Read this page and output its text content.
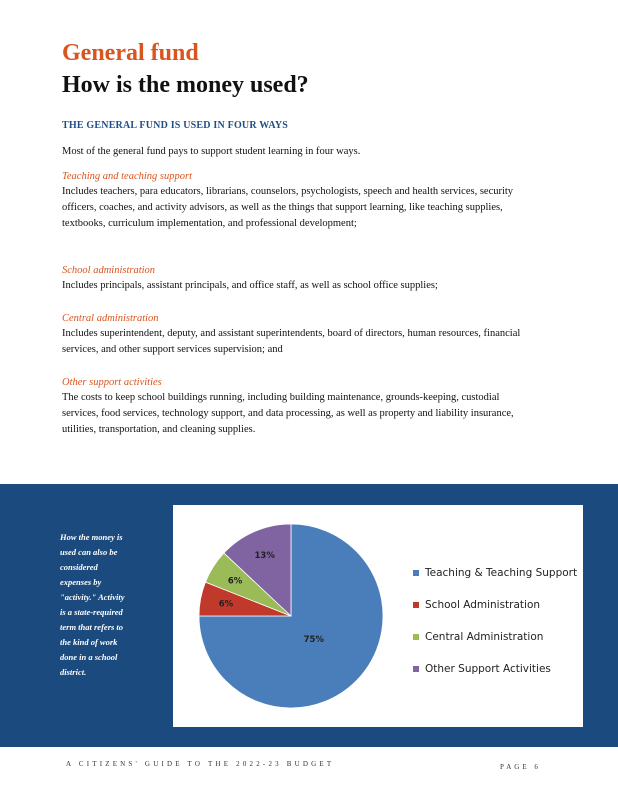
General fund
How is the money used?
THE GENERAL FUND IS USED IN FOUR WAYS
Most of the general fund pays to support student learning in four ways.
Teaching and teaching support
Includes teachers, para educators, librarians, counselors, psychologists, speech and health services, security officers, coaches, and activity advisors, as well as the things that support learning, like teaching supplies, textbooks, curriculum implementation, and professional development;
School administration
Includes principals, assistant principals, and office staff, as well as school office supplies;
Central administration
Includes superintendent, deputy, and assistant superintendents, board of directors, human resources, financial services, and other support services supervision; and
Other support activities
The costs to keep school buildings running, including building maintenance, grounds-keeping, custodial services, food services, technology support, and data processing, as well as property and liability insurance, utilities, transportation, and cleaning supplies.
How the money is used can also be considered expenses by "activity." Activity is a state-required term that refers to the kind of work done in a school district.
75%
6%
6%
13%
Teaching & Teaching Support
School Administration
Central Administration
Other Support Activities
A CITIZENS' GUIDE TO THE 2022-23 BUDGET	PAGE 6
